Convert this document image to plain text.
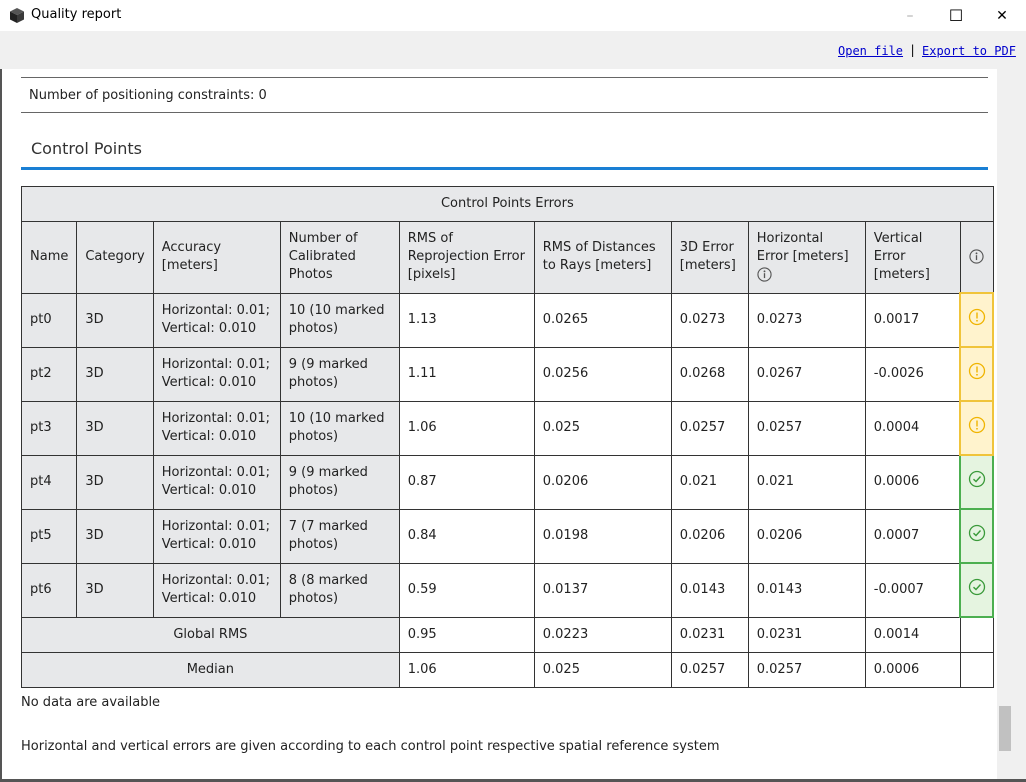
Quality report	–	☐	✕
Open file | Export to PDF
Number of positioning constraints: 0
Control Points
Control Points Errors									
Name	Category	Accuracy [meters]	Number of Calibrated Photos	RMS of Reprojection Error [pixels]	RMS of Distances to Rays [meters]	3D Error [meters]	Horizontal Error [meters]	Vertical Error [meters]	
pt0	3D	Horizontal: 0.01; Vertical: 0.010	10 (10 marked photos)	1.13	0.0265	0.0273	0.0273	0.0017	
pt2	3D	Horizontal: 0.01; Vertical: 0.010	9 (9 marked photos)	1.11	0.0256	0.0268	0.0267	-0.0026	
pt3	3D	Horizontal: 0.01; Vertical: 0.010	10 (10 marked photos)	1.06	0.025	0.0257	0.0257	0.0004	
pt4	3D	Horizontal: 0.01; Vertical: 0.010	9 (9 marked photos)	0.87	0.0206	0.021	0.021	0.0006	
pt5	3D	Horizontal: 0.01; Vertical: 0.010	7 (7 marked photos)	0.84	0.0198	0.0206	0.0206	0.0007	
pt6	3D	Horizontal: 0.01; Vertical: 0.010	8 (8 marked photos)	0.59	0.0137	0.0143	0.0143	-0.0007	
Global RMS				0.95	0.0223	0.0231	0.0231	0.0014	
Median				1.06	0.025	0.0257	0.0257	0.0006	
No data are available
Horizontal and vertical errors are given according to each control point respective spatial reference system
